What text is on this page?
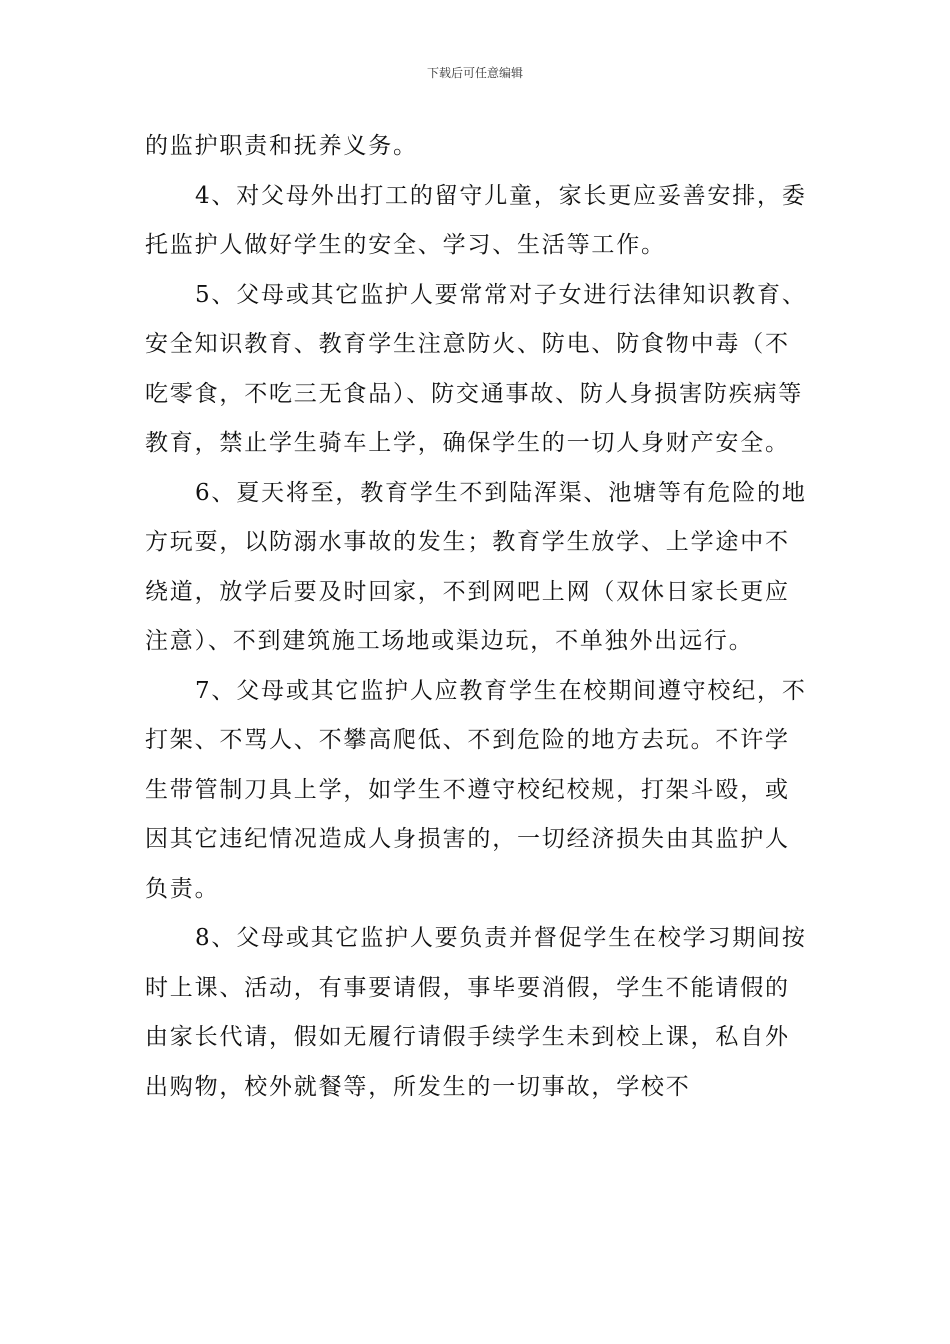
下载后可任意编辑

的监护职责和抚养义务。

4、对父母外出打工的留守儿童，家长更应妥善安排，委托监护人做好学生的安全、学习、生活等工作。

5、父母或其它监护人要常常对子女进行法律知识教育、安全知识教育、教育学生注意防火、防电、防食物中毒（不吃零食，不吃三无食品）、防交通事故、防人身损害防疾病等教育，禁止学生骑车上学，确保学生的一切人身财产安全。

6、夏天将至，教育学生不到陆浑渠、池塘等有危险的地方玩耍，以防溺水事故的发生；教育学生放学、上学途中不绕道，放学后要及时回家，不到网吧上网（双休日家长更应注意）、不到建筑施工场地或渠边玩，不单独外出远行。

7、父母或其它监护人应教育学生在校期间遵守校纪，不打架、不骂人、不攀高爬低、不到危险的地方去玩。不许学生带管制刀具上学，如学生不遵守校纪校规，打架斗殴，或因其它违纪情况造成人身损害的，一切经济损失由其监护人负责。

8、父母或其它监护人要负责并督促学生在校学习期间按时上课、活动，有事要请假，事毕要消假，学生不能请假的由家长代请，假如无履行请假手续学生未到校上课，私自外出购物，校外就餐等，所发生的一切事故，学校不
